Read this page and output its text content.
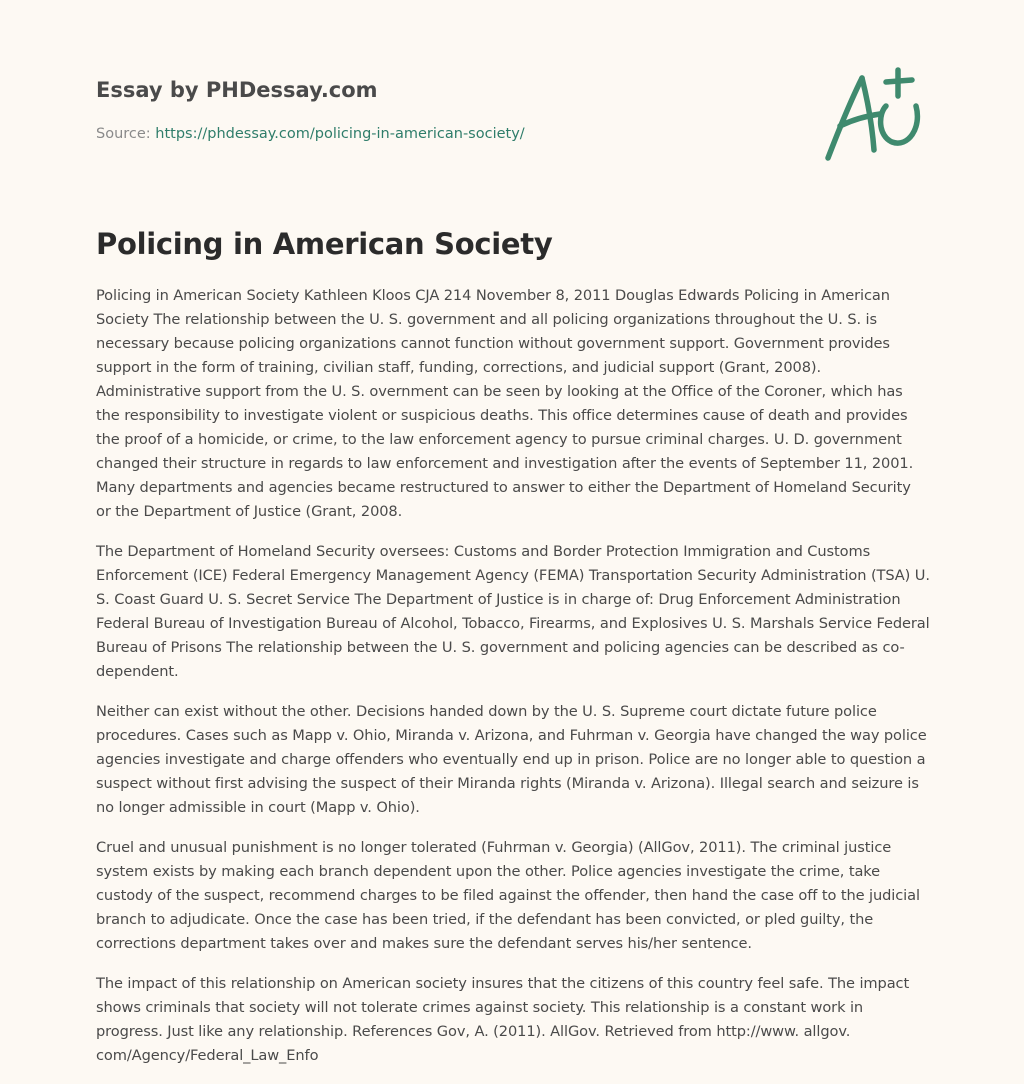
Essay by PHDessay.com
Source: https://phdessay.com/policing-in-american-society/
Policing in American Society

Policing in American Society Kathleen Kloos CJA 214 November 8, 2011 Douglas Edwards Policing in American Society The relationship between the U. S. government and all policing organizations throughout the U. S. is necessary because policing organizations cannot function without government support. Government provides support in the form of training, civilian staff, funding, corrections, and judicial support (Grant, 2008). Administrative support from the U. S. overnment can be seen by looking at the Office of the Coroner, which has the responsibility to investigate violent or suspicious deaths. This office determines cause of death and provides the proof of a homicide, or crime, to the law enforcement agency to pursue criminal charges. U. D. government changed their structure in regards to law enforcement and investigation after the events of September 11, 2001. Many departments and agencies became restructured to answer to either the Department of Homeland Security or the Department of Justice (Grant, 2008.

The Department of Homeland Security oversees: Customs and Border Protection Immigration and Customs Enforcement (ICE) Federal Emergency Management Agency (FEMA) Transportation Security Administration (TSA) U. S. Coast Guard U. S. Secret Service The Department of Justice is in charge of: Drug Enforcement Administration Federal Bureau of Investigation Bureau of Alcohol, Tobacco, Firearms, and Explosives U. S. Marshals Service Federal Bureau of Prisons The relationship between the U. S. government and policing agencies can be described as co-dependent.

Neither can exist without the other. Decisions handed down by the U. S. Supreme court dictate future police procedures. Cases such as Mapp v. Ohio, Miranda v. Arizona, and Fuhrman v. Georgia have changed the way police agencies investigate and charge offenders who eventually end up in prison. Police are no longer able to question a suspect without first advising the suspect of their Miranda rights (Miranda v. Arizona). Illegal search and seizure is no longer admissible in court (Mapp v. Ohio).

Cruel and unusual punishment is no longer tolerated (Fuhrman v. Georgia) (AllGov, 2011). The criminal justice system exists by making each branch dependent upon the other. Police agencies investigate the crime, take custody of the suspect, recommend charges to be filed against the offender, then hand the case off to the judicial branch to adjudicate. Once the case has been tried, if the defendant has been convicted, or pled guilty, the corrections department takes over and makes sure the defendant serves his/her sentence.

The impact of this relationship on American society insures that the citizens of this country feel safe. The impact shows criminals that society will not tolerate crimes against society. This relationship is a constant work in progress. Just like any relationship. References Gov, A. (2011). AllGov. Retrieved from http://www. allgov. com/Agency/Federal_Law_Enfo
